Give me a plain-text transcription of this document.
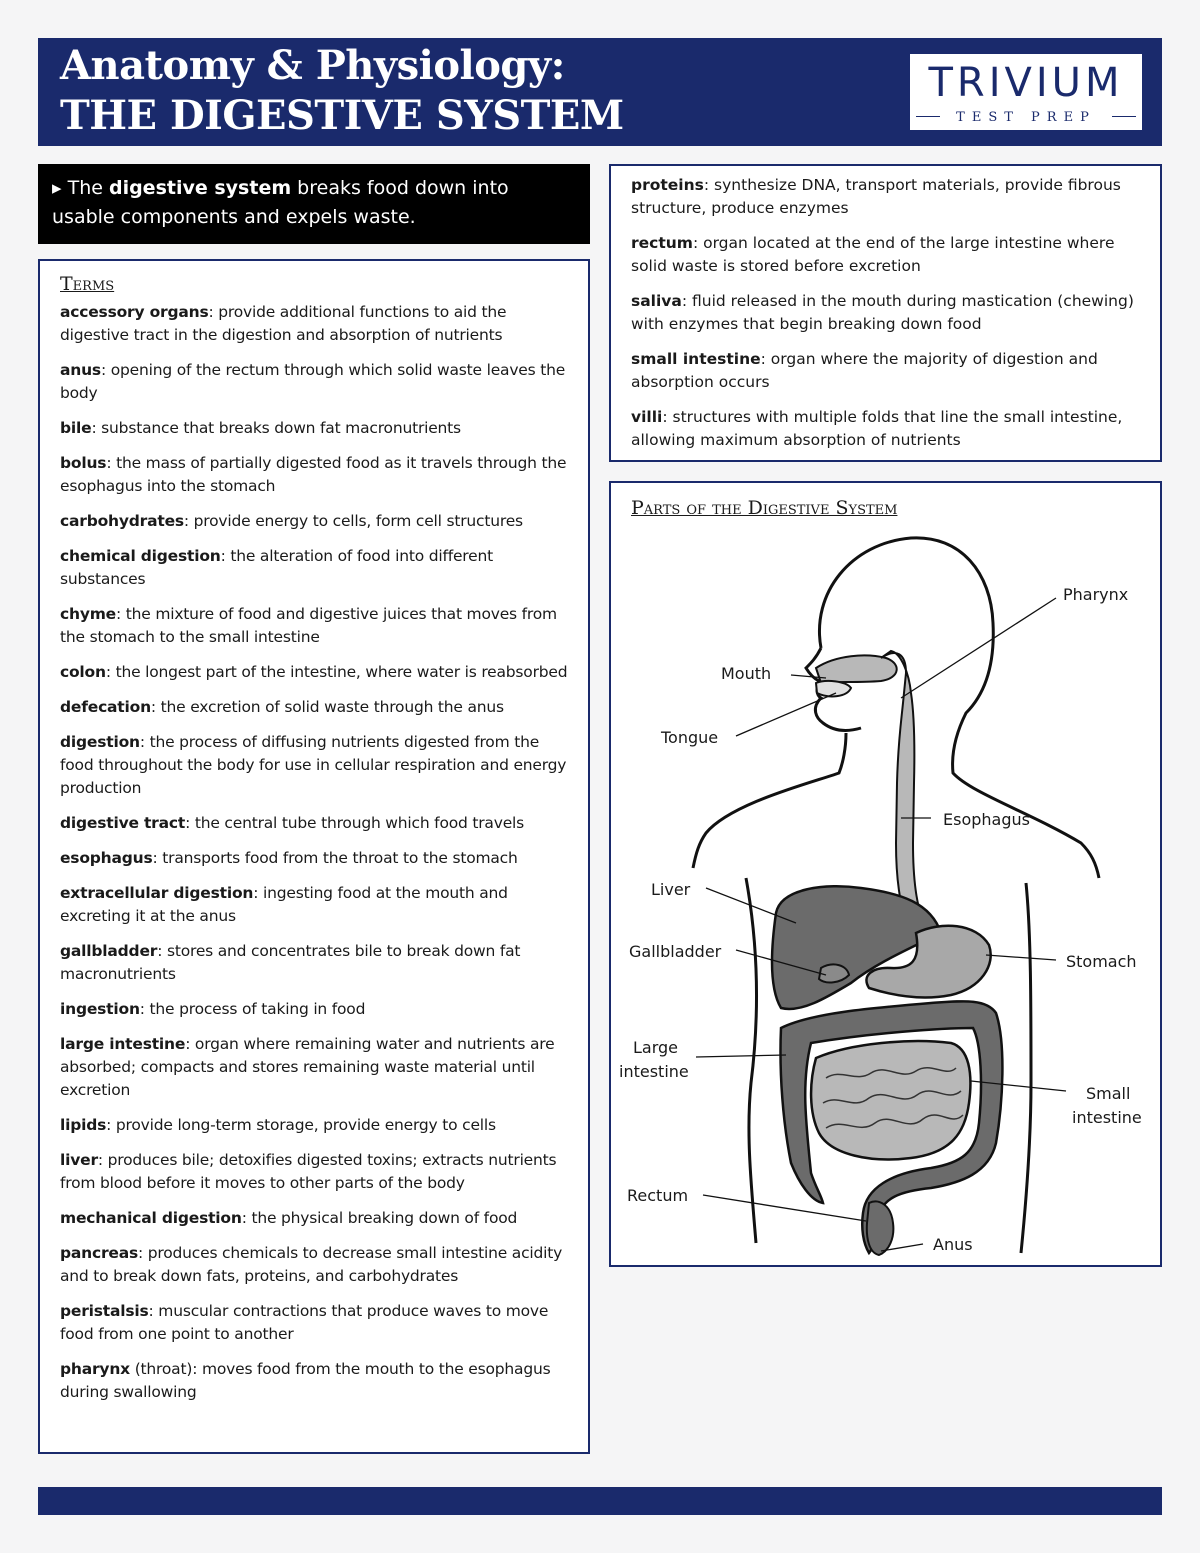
Anatomy & Physiology:
THE DIGESTIVE SYSTEM
TRIVIUM
TEST PREP
▸ The digestive system breaks food down into usable components and expels waste.
Terms

accessory organs: provide additional functions to aid the digestive tract in the digestion and absorption of nutrients

anus: opening of the rectum through which solid waste leaves the body

bile: substance that breaks down fat macronutrients

bolus: the mass of partially digested food as it travels through the esophagus into the stomach

carbohydrates: provide energy to cells, form cell structures

chemical digestion: the alteration of food into different substances

chyme: the mixture of food and digestive juices that moves from the stomach to the small intestine

colon: the longest part of the intestine, where water is reabsorbed

defecation: the excretion of solid waste through the anus

digestion: the process of diffusing nutrients digested from the food throughout the body for use in cellular respiration and energy production

digestive tract: the central tube through which food travels

esophagus: transports food from the throat to the stomach

extracellular digestion: ingesting food at the mouth and excreting it at the anus

gallbladder: stores and concentrates bile to break down fat macronutrients

ingestion: the process of taking in food

large intestine: organ where remaining water and nutrients are absorbed; compacts and stores remaining waste material until excretion

lipids: provide long-term storage, provide energy to cells

liver: produces bile; detoxifies digested toxins; extracts nutrients from blood before it moves to other parts of the body

mechanical digestion: the physical breaking down of food

pancreas: produces chemicals to decrease small intestine acidity and to break down fats, proteins, and carbohydrates

peristalsis: muscular contractions that produce waves to move food from one point to another

pharynx (throat): moves food from the mouth to the esophagus during swallowing

proteins: synthesize DNA, transport materials, provide fibrous structure, produce enzymes

rectum: organ located at the end of the large intestine where solid waste is stored before excretion

saliva: fluid released in the mouth during mastication (chewing) with enzymes that begin breaking down food

small intestine: organ where the majority of digestion and absorption occurs

villi: structures with multiple folds that line the small intestine, allowing maximum absorption of nutrients

Parts of the Digestive System
Pharynx
Mouth
Tongue
Esophagus
Liver
Gallbladder
Stomach
Large
intestine
Small
intestine
Rectum
Anus
